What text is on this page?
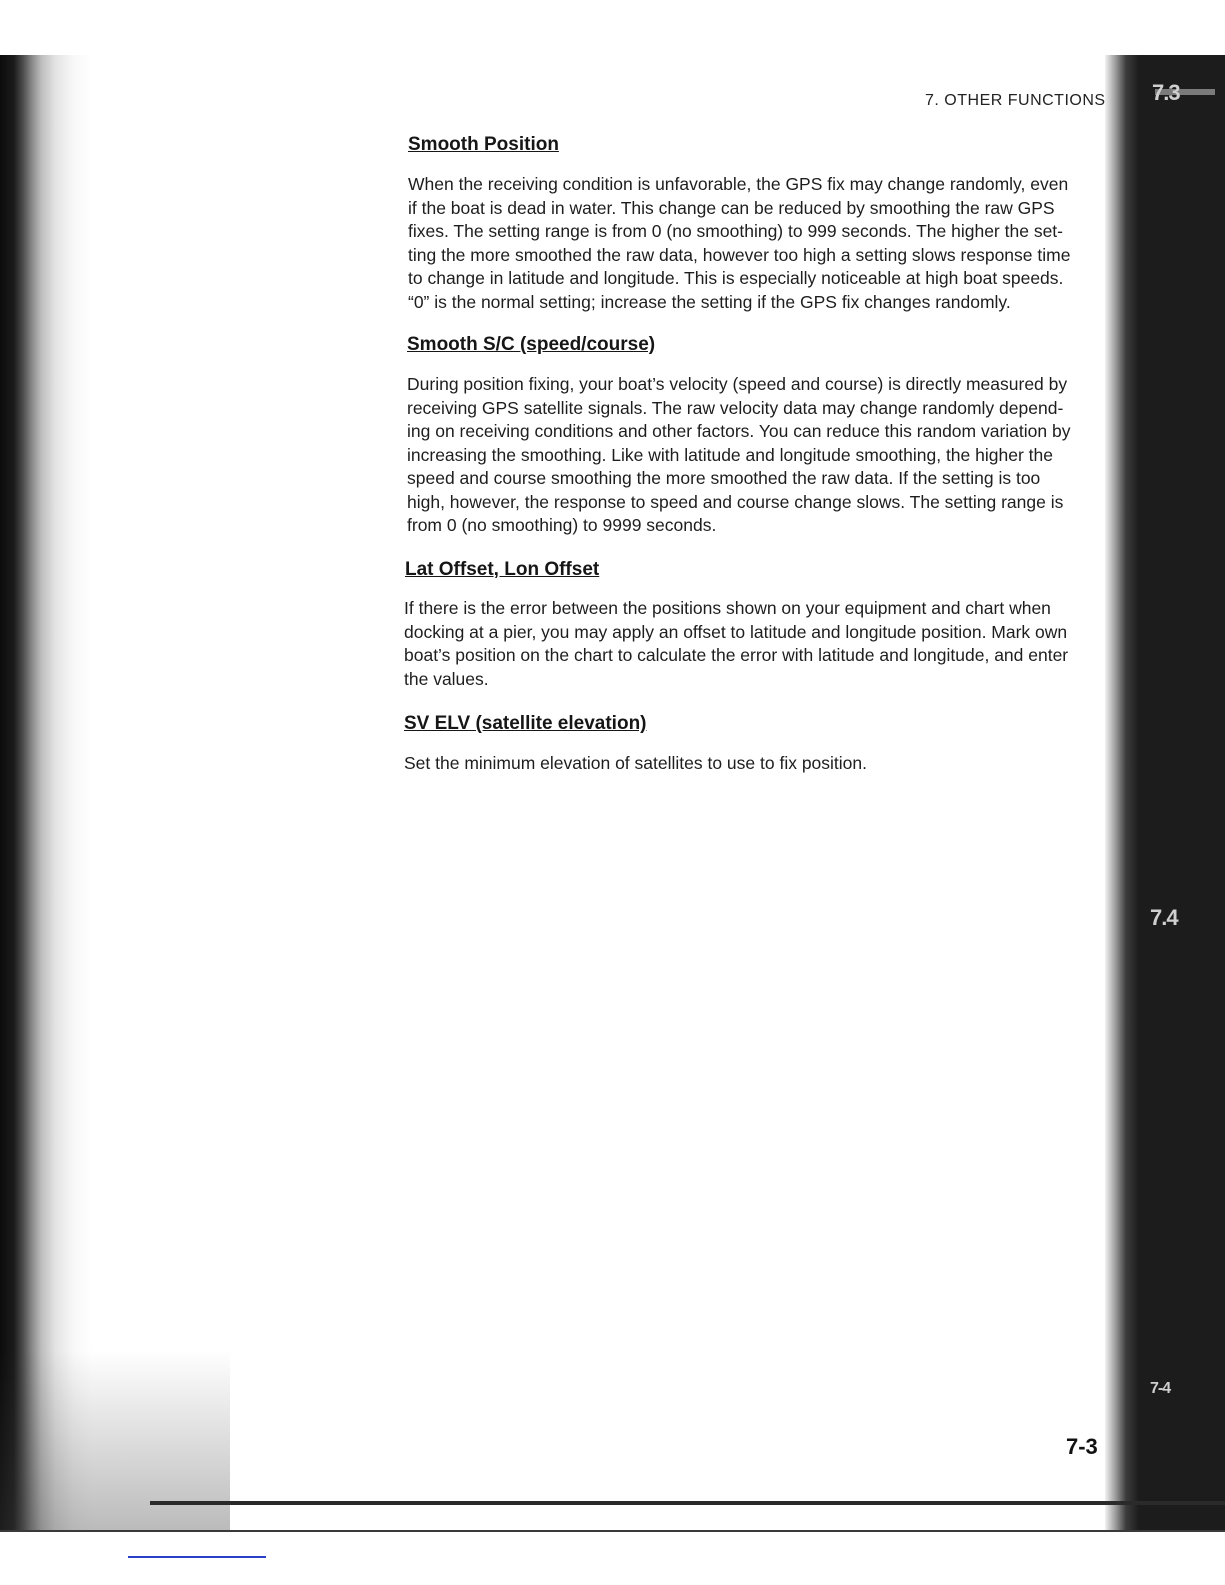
7.3
7.4
7-4
7. OTHER FUNCTIONS
Smooth Position
When the receiving condition is unfavorable, the GPS fix may change randomly, even
if the boat is dead in water. This change can be reduced by smoothing the raw GPS
fixes. The setting range is from 0 (no smoothing) to 999 seconds. The higher the set-
ting the more smoothed the raw data, however too high a setting slows response time
to change in latitude and longitude. This is especially noticeable at high boat speeds.
“0” is the normal setting; increase the setting if the GPS fix changes randomly.
Smooth S/C (speed/course)
During position fixing, your boat’s velocity (speed and course) is directly measured by
receiving GPS satellite signals. The raw velocity data may change randomly depend-
ing on receiving conditions and other factors. You can reduce this random variation by
increasing the smoothing. Like with latitude and longitude smoothing, the higher the
speed and course smoothing the more smoothed the raw data. If the setting is too
high, however, the response to speed and course change slows. The setting range is
from 0 (no smoothing) to 9999 seconds.
Lat Offset, Lon Offset
If there is the error between the positions shown on your equipment and chart when
docking at a pier, you may apply an offset to latitude and longitude position. Mark own
boat’s position on the chart to calculate the error with latitude and longitude, and enter
the values.
SV ELV (satellite elevation)
Set the minimum elevation of satellites to use to fix position.
7-3
